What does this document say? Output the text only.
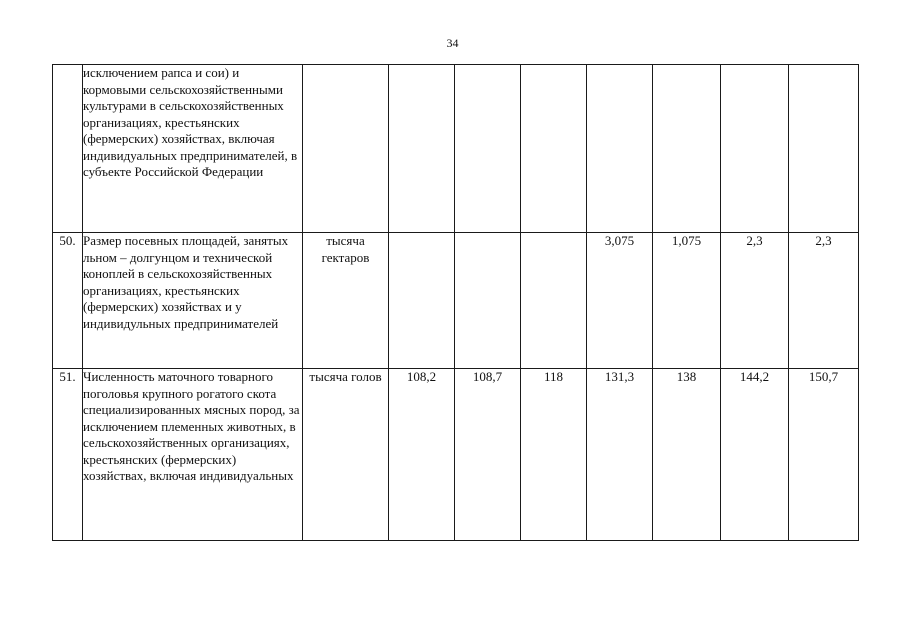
34
	исключением рапса и сои) и кормовыми сельскохозяйственными культурами в сельскохозяйственных организациях, крестьянских (фермерских) хозяйствах, включая индивидуальных предпринимателей, в субъекте Российской Федерации								
50.	Размер посевных площадей, занятых льном – долгунцом и технической коноплей в сельскохозяйственных организациях, крестьянских (фермерских) хозяйствах и у индивидульных предпринимателей	тысяча гектаров				3,075	1,075	2,3	2,3
51.	Численность маточного товарного поголовья крупного рогатого скота специализированных мясных пород, за исключением племенных животных, в сельскохозяйственных организациях, крестьянских (фермерских) хозяйствах, включая индивидуальных	тысяча голов	108,2	108,7	118	131,3	138	144,2	150,7
